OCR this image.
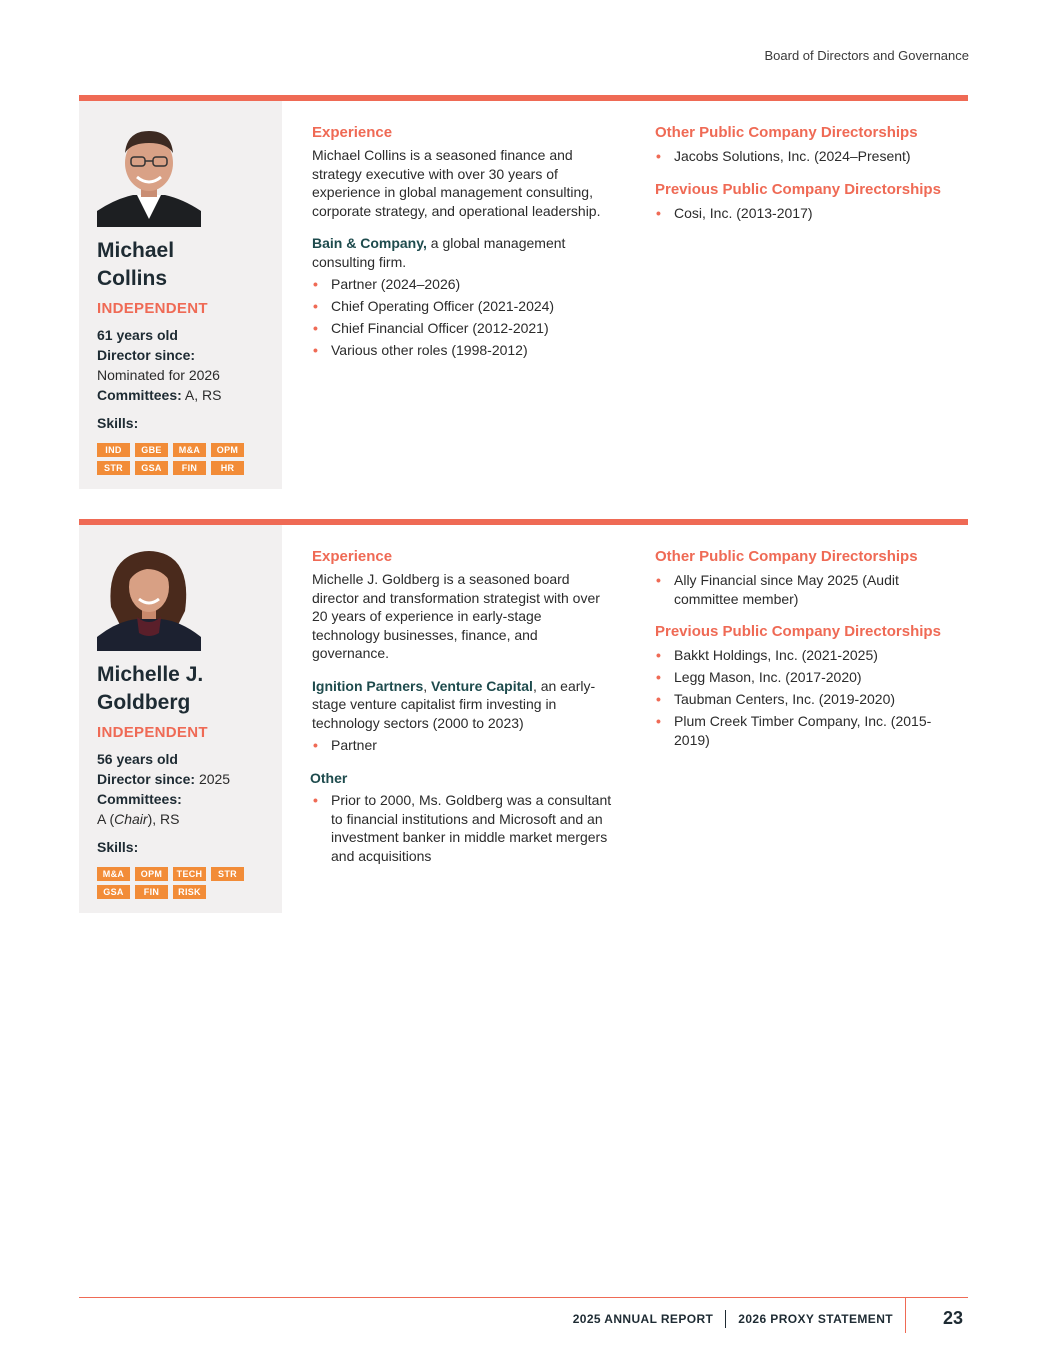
Board of Directors and Governance
Michael Collins
INDEPENDENT
61 years old
Director since:
Nominated for 2026
Committees: A, RS
Skills:
IND	GBE	M&A	OPM
STR	GSA	FIN	HR
Experience

Michael Collins is a seasoned finance and strategy executive with over 30 years of experience in global management consulting, corporate strategy, and operational leadership.

Bain & Company, a global management consulting firm.
• Partner (2024–2026)
• Chief Operating Officer (2021-2024)
• Chief Financial Officer (2012-2021)
• Various other roles (1998-2012)
Other Public Company Directorships
• Jacobs Solutions, Inc. (2024–Present)
Previous Public Company Directorships
• Cosi, Inc. (2013-2017)
Michelle J. Goldberg
INDEPENDENT
56 years old
Director since: 2025
Committees:
A (Chair), RS
Skills:
M&A	OPM	TECH	STR
GSA	FIN	RISK
Experience

Michelle J. Goldberg is a seasoned board director and transformation strategist with over 20 years of experience in early-stage technology businesses, finance, and governance.

Ignition Partners, Venture Capital, an early-stage venture capitalist firm investing in technology sectors (2000 to 2023)
• Partner
Other
• Prior to 2000, Ms. Goldberg was a consultant to financial institutions and Microsoft and an investment banker in middle market mergers and acquisitions
Other Public Company Directorships
• Ally Financial since May 2025 (Audit committee member)
Previous Public Company Directorships
• Bakkt Holdings, Inc. (2021-2025)
• Legg Mason, Inc. (2017-2020)
• Taubman Centers, Inc. (2019-2020)
• Plum Creek Timber Company, Inc. (2015-2019)
2025 ANNUAL REPORT 2026 PROXY STATEMENT	23
